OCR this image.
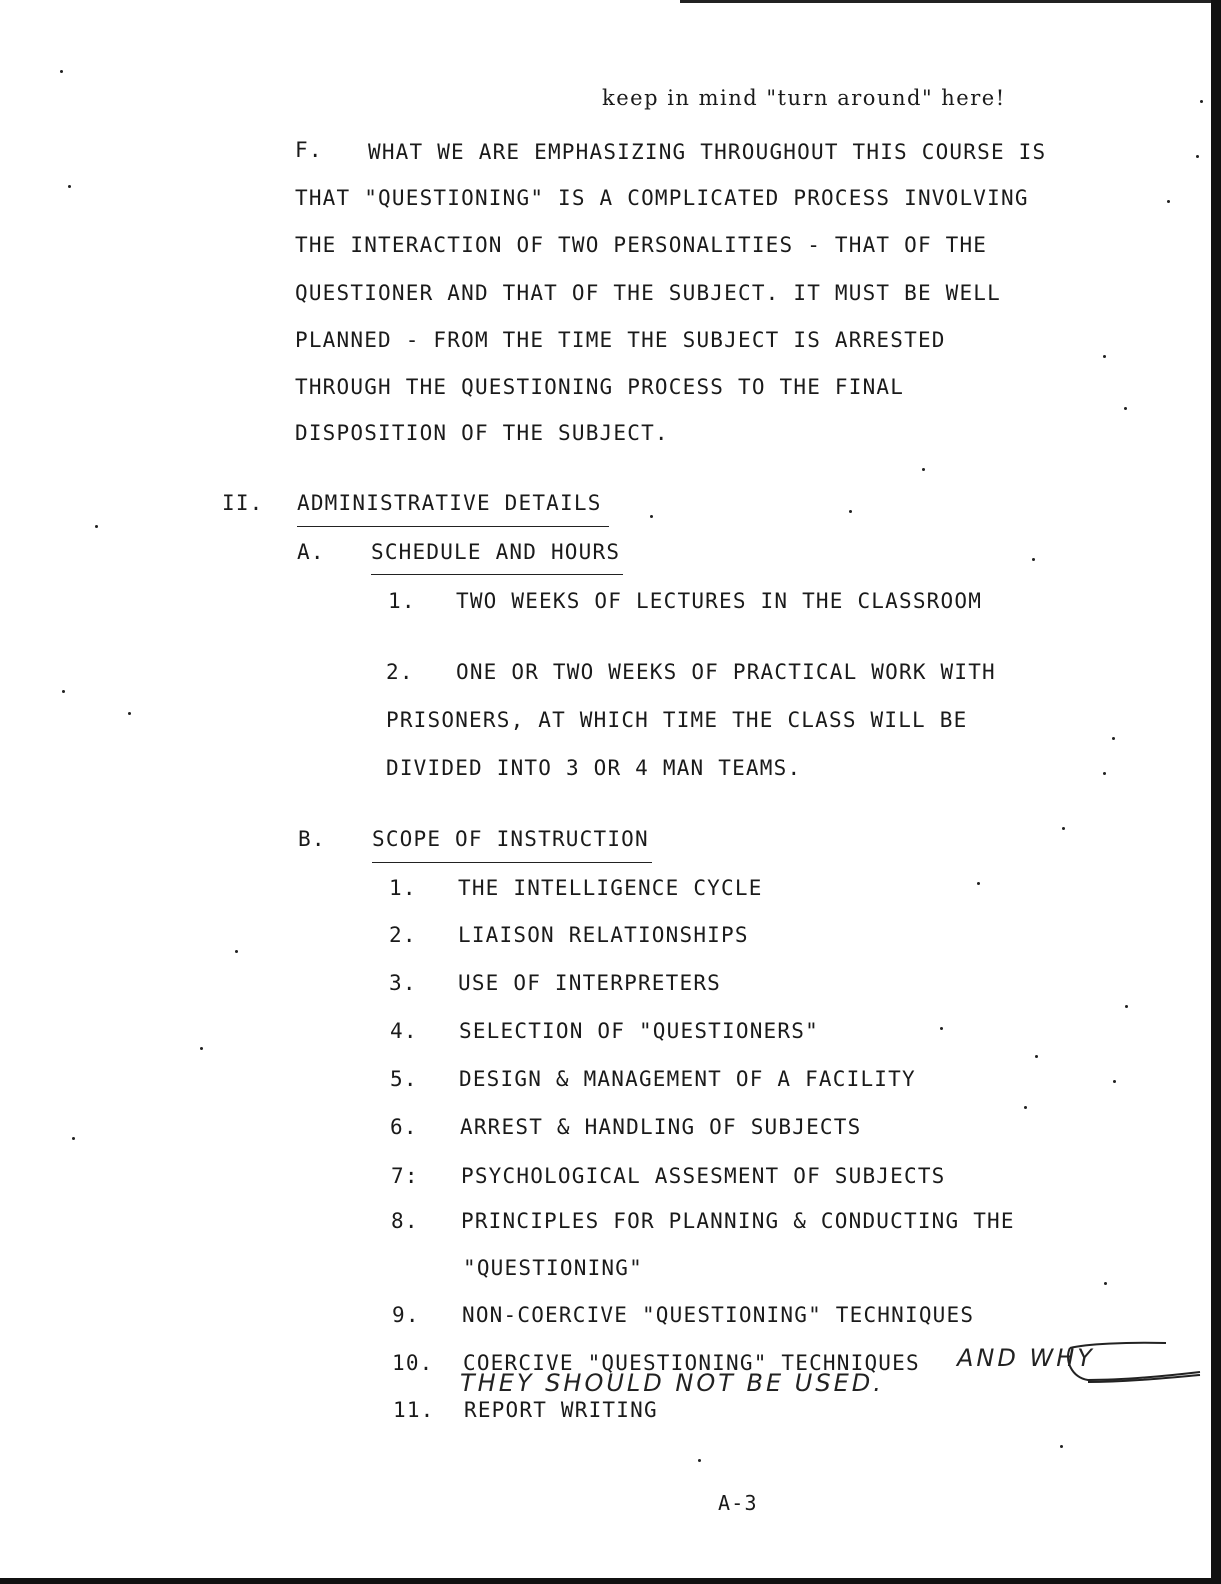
keep in mind "turn around" here!
F. WHAT WE ARE EMPHASIZING THROUGHOUT THIS COURSE IS
THAT "QUESTIONING" IS A COMPLICATED PROCESS INVOLVING
THE INTERACTION OF TWO PERSONALITIES - THAT OF THE
QUESTIONER AND THAT OF THE SUBJECT. IT MUST BE WELL
PLANNED - FROM THE TIME THE SUBJECT IS ARRESTED
THROUGH THE QUESTIONING PROCESS TO THE FINAL
DISPOSITION OF THE SUBJECT.
II. ADMINISTRATIVE DETAILS
A. SCHEDULE AND HOURS
1. TWO WEEKS OF LECTURES IN THE CLASSROOM
2. ONE OR TWO WEEKS OF PRACTICAL WORK WITH
PRISONERS, AT WHICH TIME THE CLASS WILL BE
DIVIDED INTO 3 OR 4 MAN TEAMS.
B. SCOPE OF INSTRUCTION
1. THE INTELLIGENCE CYCLE
2. LIAISON RELATIONSHIPS
3. USE OF INTERPRETERS
4. SELECTION OF "QUESTIONERS"
5. DESIGN & MANAGEMENT OF A FACILITY
6. ARREST & HANDLING OF SUBJECTS
7: PSYCHOLOGICAL ASSESMENT OF SUBJECTS
8. PRINCIPLES FOR PLANNING & CONDUCTING THE
"QUESTIONING"
9. NON-COERCIVE "QUESTIONING" TECHNIQUES
10. COERCIVE "QUESTIONING" TECHNIQUES AND WHY
THEY SHOULD NOT BE USED.
11. REPORT WRITING
A-3
